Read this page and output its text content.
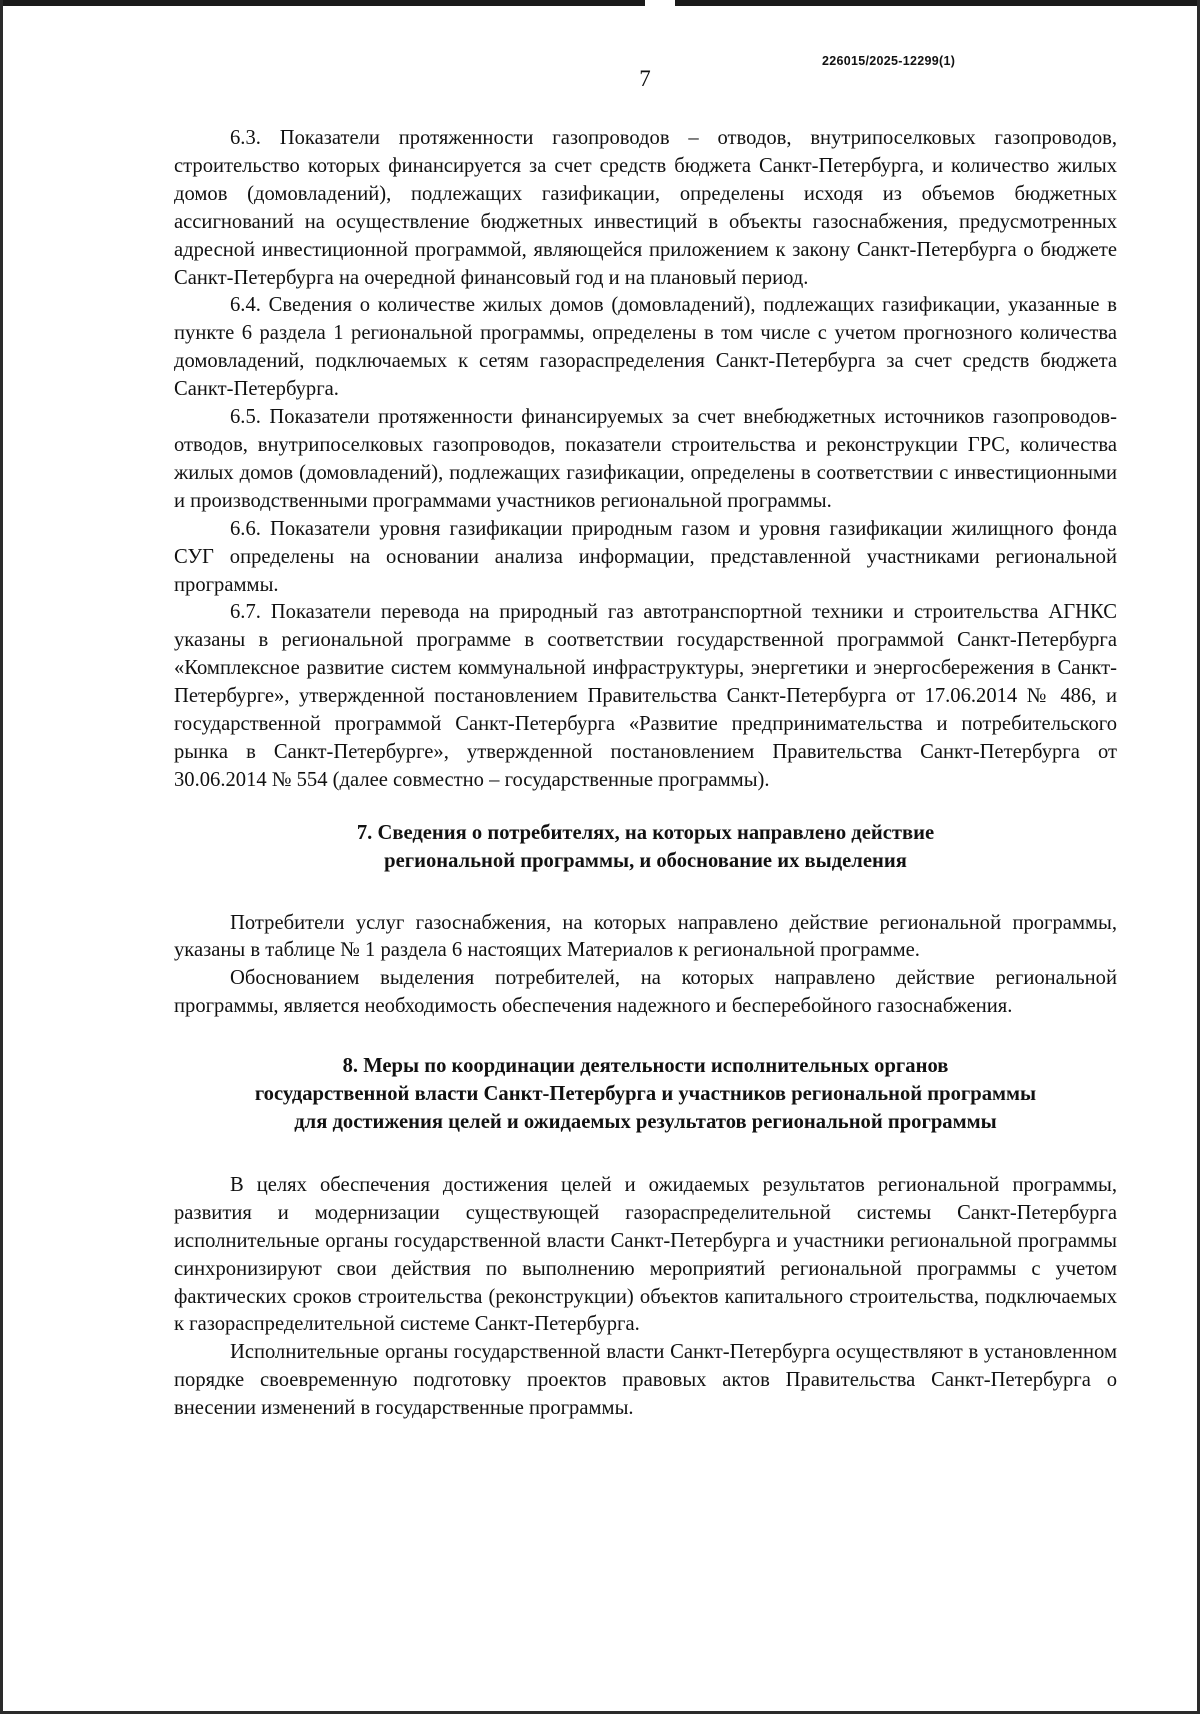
7
226015/2025-12299(1)

6.3. Показатели протяженности газопроводов – отводов, внутрипоселковых газопроводов, строительство которых финансируется за счет средств бюджета Санкт-Петербурга, и количество жилых домов (домовладений), подлежащих газификации, определены исходя из объемов бюджетных ассигнований на осуществление бюджетных инвестиций в объекты газоснабжения, предусмотренных адресной инвестиционной программой, являющейся приложением к закону Санкт-Петербурга о бюджете Санкт-Петербурга на очередной финансовый год и на плановый период.

6.4. Сведения о количестве жилых домов (домовладений), подлежащих газификации, указанные в пункте 6 раздела 1 региональной программы, определены в том числе с учетом прогнозного количества домовладений, подключаемых к сетям газораспределения Санкт-Петербурга за счет средств бюджета Санкт-Петербурга.

6.5. Показатели протяженности финансируемых за счет внебюджетных источников газопроводов-отводов, внутрипоселковых газопроводов, показатели строительства и реконструкции ГРС, количества жилых домов (домовладений), подлежащих газификации, определены в соответствии с инвестиционными и производственными программами участников региональной программы.

6.6. Показатели уровня газификации природным газом и уровня газификации жилищного фонда СУГ определены на основании анализа информации, представленной участниками региональной программы.

6.7. Показатели перевода на природный газ автотранспортной техники и строительства АГНКС указаны в региональной программе в соответствии государственной программой Санкт-Петербурга «Комплексное развитие систем коммунальной инфраструктуры, энергетики и энергосбережения в Санкт-Петербурге», утвержденной постановлением Правительства Санкт-Петербурга от 17.06.2014 № 486, и государственной программой Санкт-Петербурга «Развитие предпринимательства и потребительского рынка в Санкт-Петербурге», утвержденной постановлением Правительства Санкт-Петербурга от 30.06.2014 № 554 (далее совместно – государственные программы).

7. Сведения о потребителях, на которых направлено действие
региональной программы, и обоснование их выделения

Потребители услуг газоснабжения, на которых направлено действие региональной программы, указаны в таблице № 1 раздела 6 настоящих Материалов к региональной программе.

Обоснованием выделения потребителей, на которых направлено действие региональной программы, является необходимость обеспечения надежного и бесперебойного газоснабжения.

8. Меры по координации деятельности исполнительных органов
государственной власти Санкт-Петербурга и участников региональной программы
для достижения целей и ожидаемых результатов региональной программы

В целях обеспечения достижения целей и ожидаемых результатов региональной программы, развития и модернизации существующей газораспределительной системы Санкт-Петербурга исполнительные органы государственной власти Санкт-Петербурга и участники региональной программы синхронизируют свои действия по выполнению мероприятий региональной программы с учетом фактических сроков строительства (реконструкции) объектов капитального строительства, подключаемых к газораспределительной системе Санкт-Петербурга.

Исполнительные органы государственной власти Санкт-Петербурга осуществляют в установленном порядке своевременную подготовку проектов правовых актов Правительства Санкт-Петербурга о внесении изменений в государственные программы.
